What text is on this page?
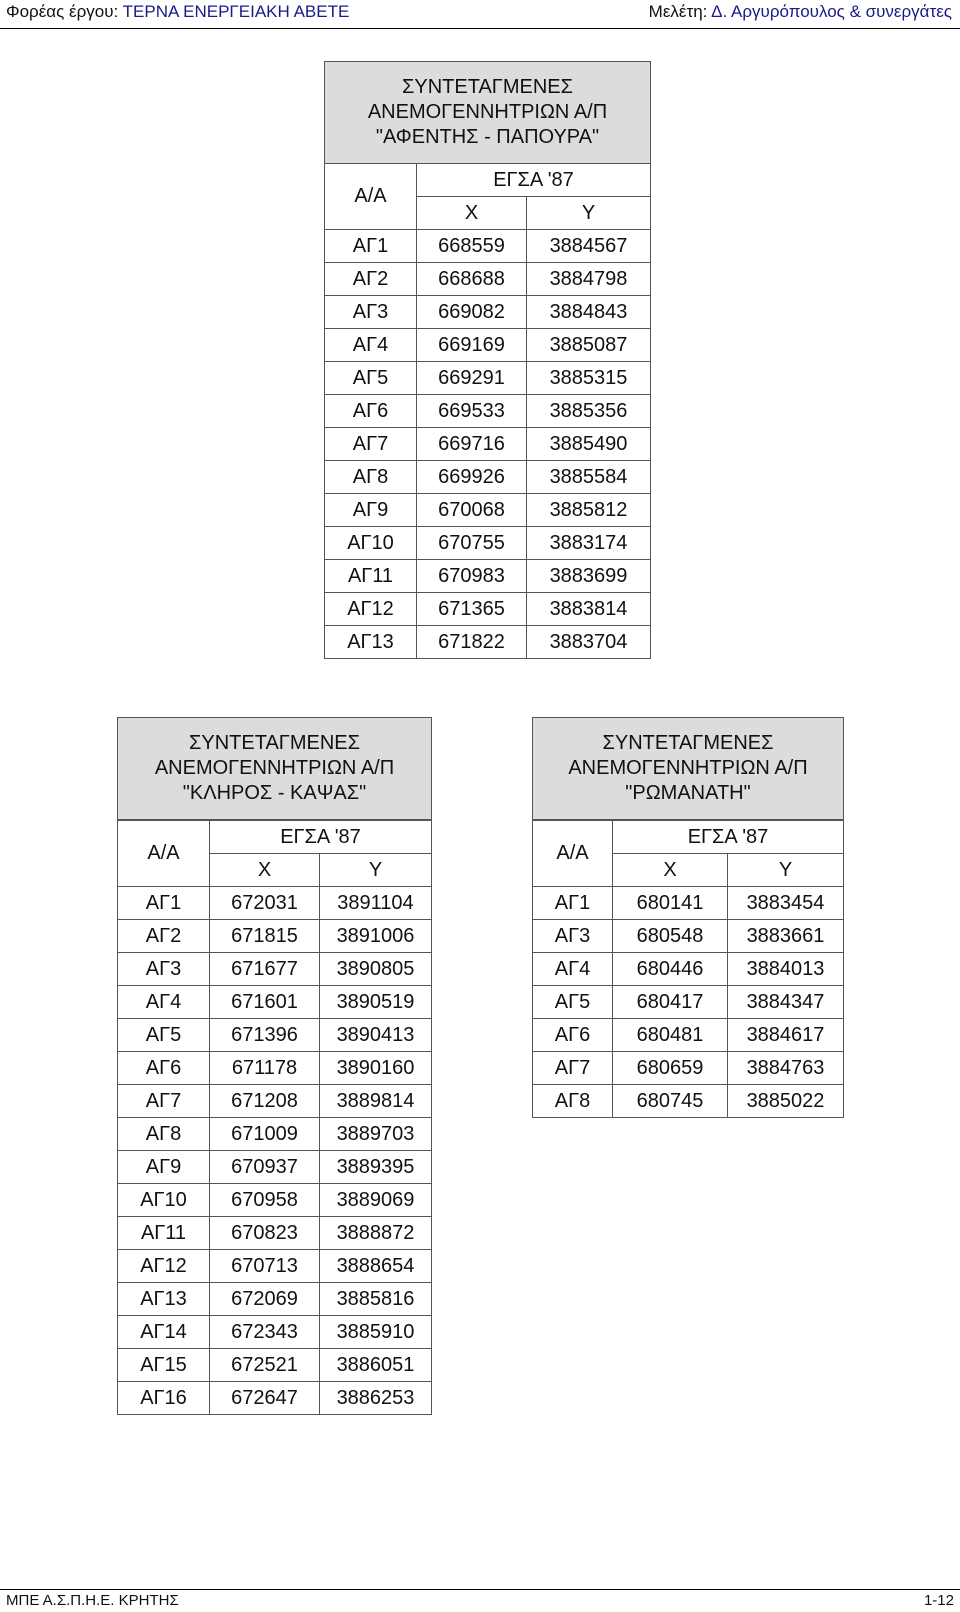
Φορέας έργου: ΤΕΡΝΑ ΕΝΕΡΓΕΙΑΚΗ ΑΒΕΤΕ	Μελέτη: Δ. Αργυρόπουλος & συνεργάτες
ΣΥΝΤΕΤΑΓΜΕΝΕΣ
ΑΝΕΜΟΓΕΝΝΗΤΡΙΩΝ Α/Π
"ΑΦΕΝΤΗΣ - ΠΑΠΟΥΡΑ"		

Α/Α	ΕΓΣΑ '87	
	X	Y
ΑΓ1	668559	3884567
ΑΓ2	668688	3884798
ΑΓ3	669082	3884843
ΑΓ4	669169	3885087
ΑΓ5	669291	3885315
ΑΓ6	669533	3885356
ΑΓ7	669716	3885490
ΑΓ8	669926	3885584
ΑΓ9	670068	3885812
ΑΓ10	670755	3883174
ΑΓ11	670983	3883699
ΑΓ12	671365	3883814
ΑΓ13	671822	3883704
ΣΥΝΤΕΤΑΓΜΕΝΕΣ
ΑΝΕΜΟΓΕΝΝΗΤΡΙΩΝ Α/Π
"ΚΛΗΡΟΣ - ΚΑΨΑΣ"		

Α/Α	ΕΓΣΑ '87	
	X	Y
ΑΓ1	672031	3891104
ΑΓ2	671815	3891006
ΑΓ3	671677	3890805
ΑΓ4	671601	3890519
ΑΓ5	671396	3890413
ΑΓ6	671178	3890160
ΑΓ7	671208	3889814
ΑΓ8	671009	3889703
ΑΓ9	670937	3889395
ΑΓ10	670958	3889069
ΑΓ11	670823	3888872
ΑΓ12	670713	3888654
ΑΓ13	672069	3885816
ΑΓ14	672343	3885910
ΑΓ15	672521	3886051
ΑΓ16	672647	3886253
ΣΥΝΤΕΤΑΓΜΕΝΕΣ
ΑΝΕΜΟΓΕΝΝΗΤΡΙΩΝ Α/Π
"ΡΩΜΑΝΑΤΗ"		

Α/Α	ΕΓΣΑ '87	
	X	Y
ΑΓ1	680141	3883454
ΑΓ3	680548	3883661
ΑΓ4	680446	3884013
ΑΓ5	680417	3884347
ΑΓ6	680481	3884617
ΑΓ7	680659	3884763
ΑΓ8	680745	3885022
ΜΠΕ Α.Σ.Π.Η.Ε. ΚΡΗΤΗΣ	1-12
